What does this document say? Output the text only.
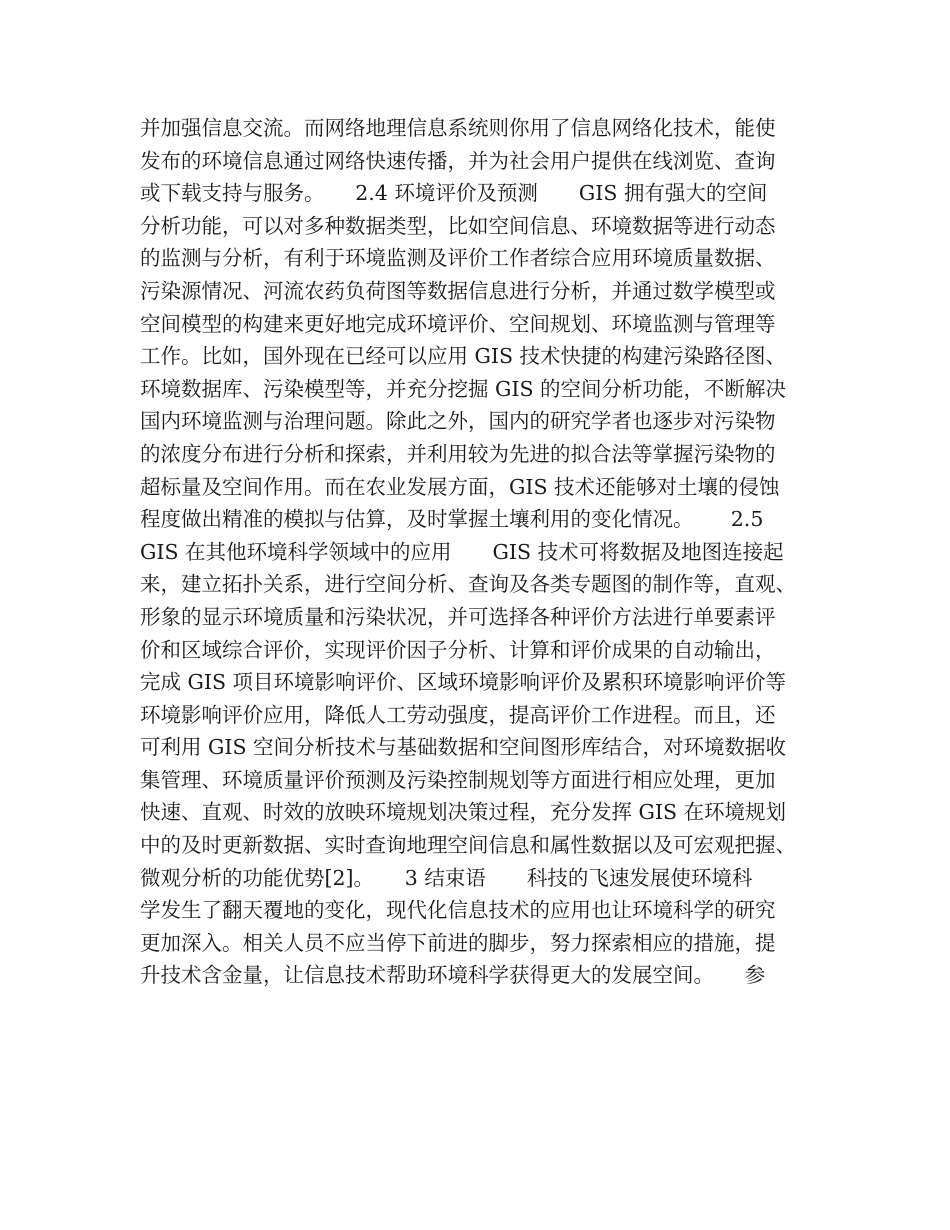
并加强信息交流。而网络地理信息系统则你用了信息网络化技术，能使
发布的环境信息通过网络快速传播，并为社会用户提供在线浏览、查询
或下载支持与服务。　　2.4 环境评价及预测　　GIS 拥有强大的空间
分析功能，可以对多种数据类型，比如空间信息、环境数据等进行动态
的监测与分析，有利于环境监测及评价工作者综合应用环境质量数据、
污染源情况、河流农药负荷图等数据信息进行分析，并通过数学模型或
空间模型的构建来更好地完成环境评价、空间规划、环境监测与管理等
工作。比如，国外现在已经可以应用 GIS 技术快捷的构建污染路径图、
环境数据库、污染模型等，并充分挖掘 GIS 的空间分析功能，不断解决
国内环境监测与治理问题。除此之外，国内的研究学者也逐步对污染物
的浓度分布进行分析和探索，并利用较为先进的拟合法等掌握污染物的
超标量及空间作用。而在农业发展方面，GIS 技术还能够对土壤的侵蚀
程度做出精准的模拟与估算，及时掌握土壤利用的变化情况。　　 2.5
GIS 在其他环境科学领域中的应用　　GIS 技术可将数据及地图连接起
来，建立拓扑关系，进行空间分析、查询及各类专题图的制作等，直观、
形象的显示环境质量和污染状况，并可选择各种评价方法进行单要素评
价和区域综合评价，实现评价因子分析、计算和评价成果的自动输出，
完成 GIS 项目环境影响评价、区域环境影响评价及累积环境影响评价等
环境影响评价应用，降低人工劳动强度，提高评价工作进程。而且，还
可利用 GIS 空间分析技术与基础数据和空间图形库结合，对环境数据收
集管理、环境质量评价预测及污染控制规划等方面进行相应处理，更加
快速、直观、时效的放映环境规划决策过程，充分发挥 GIS 在环境规划
中的及时更新数据、实时查询地理空间信息和属性数据以及可宏观把握、
微观分析的功能优势[2]。　　3 结束语　　科技的飞速发展使环境科
学发生了翻天覆地的变化，现代化信息技术的应用也让环境科学的研究
更加深入。相关人员不应当停下前进的脚步，努力探索相应的措施，提
升技术含金量，让信息技术帮助环境科学获得更大的发展空间。　　参
